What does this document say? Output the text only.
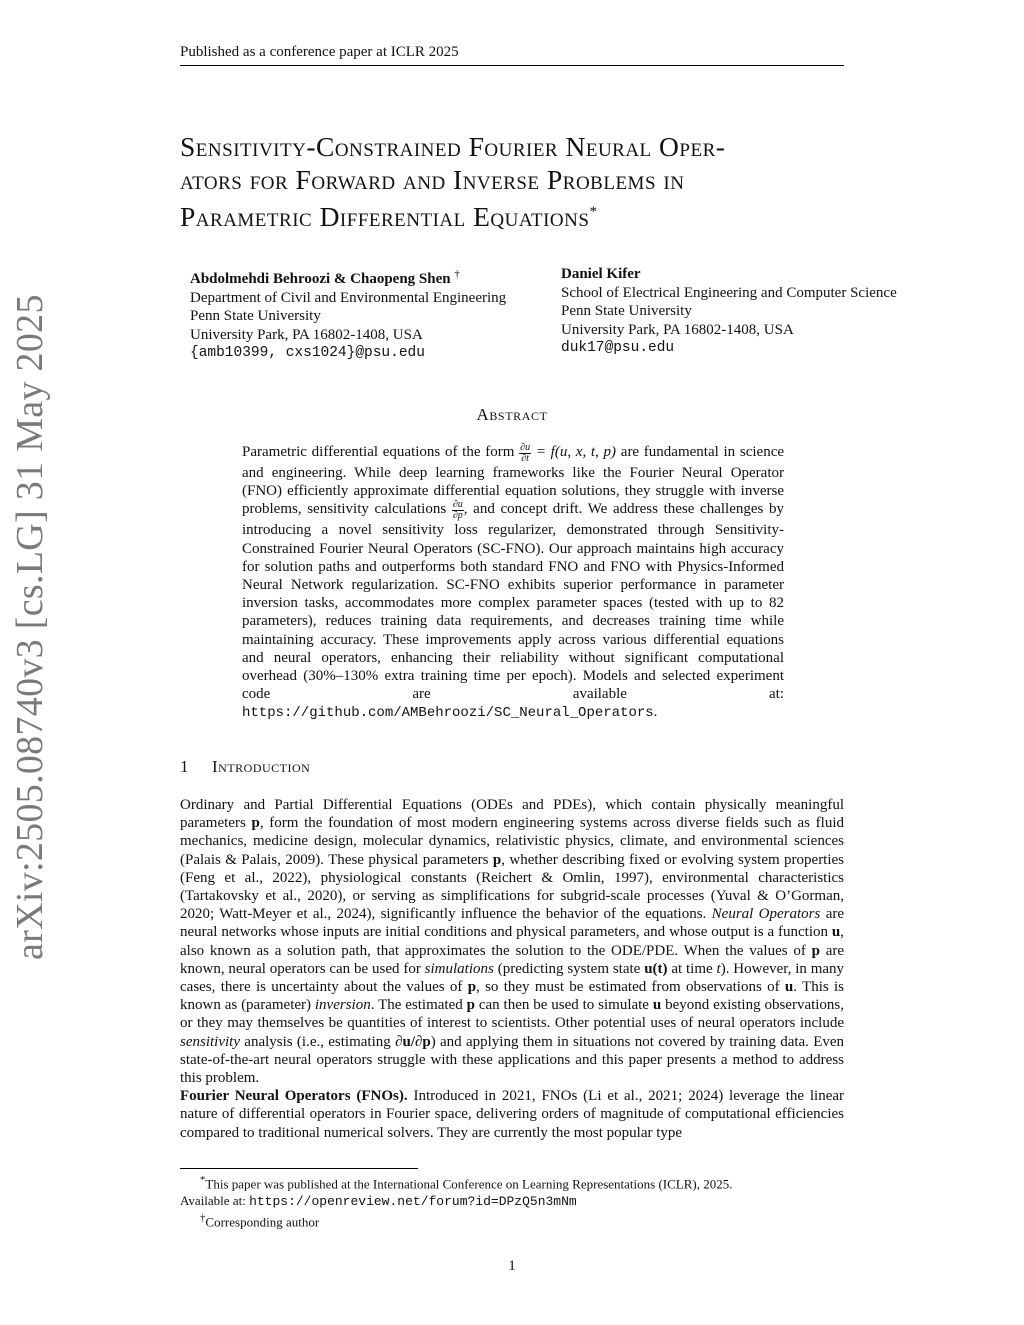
Published as a conference paper at ICLR 2025
arXiv:2505.08740v3 [cs.LG] 31 May 2025
Sensitivity-Constrained Fourier Neural Oper-
ators for Forward and Inverse Problems in
Parametric Differential Equations*
Abdolmehdi Behroozi & Chaopeng Shen †
Department of Civil and Environmental Engineering
Penn State University
University Park, PA 16802-1408, USA
{amb10399, cxs1024}@psu.edu
Daniel Kifer
School of Electrical Engineering and Computer Science
Penn State University
University Park, PA 16802-1408, USA
duk17@psu.edu
Abstract
Parametric differential equations of the form $\frac{\partial u}{\partial t} = f(u$, x, t, p) are fundamental in science and engineering. While deep learning frameworks like the Fourier Neural Operator (FNO) efficiently approximate differential equation solutions, they struggle with inverse problems, sensitivity calculations $\frac{\partial u}{\partial p}$ , and concept drift. We address these challenges by introducing a novel sensitivity loss regularizer, demonstrated through Sensitivity-Constrained Fourier Neural Operators (SC-FNO). Our approach maintains high accuracy for solution paths and outperforms both standard FNO and FNO with Physics-Informed Neural Network regularization. SC-FNO exhibits superior performance in parameter inversion tasks, accommodates more complex parameter spaces (tested with up to 82 parameters), reduces training data requirements, and decreases training time while maintaining accuracy. These improvements apply across various differential equations and neural operators, enhancing their reliability without significant computational overhead (30%–130% extra training time per epoch). Models and selected experiment code are available at: https://github.com/AMBehroozi/SC_Neural_Operators.
1 Introduction

Ordinary and Partial Differential Equations (ODEs and PDEs), which contain physically meaningful parameters p, form the foundation of most modern engineering systems across diverse fields such as fluid mechanics, medicine design, molecular dynamics, relativistic physics, climate, and environmental sciences (Palais & Palais, 2009). These physical parameters p, whether describing fixed or evolving system properties (Feng et al., 2022), physiological constants (Reichert & Omlin, 1997), environmental characteristics (Tartakovsky et al., 2020), or serving as simplifications for subgrid-scale processes (Yuval & O’Gorman, 2020; Watt-Meyer et al., 2024), significantly influence the behavior of the equations. Neural Operators are neural networks whose inputs are initial conditions and physical parameters, and whose output is a function u, also known as a solution path, that approximates the solution to the ODE/PDE. When the values of p are known, neural operators can be used for simulations (predicting system state u(t) at time t). However, in many cases, there is uncertainty about the values of p, so they must be estimated from observations of u. This is known as (parameter) inversion. The estimated p can then be used to simulate u beyond existing observations, or they may themselves be quantities of interest to scientists. Other potential uses of neural operators include sensitivity analysis (i.e., estimating ∂u/∂p) and applying them in situations not covered by training data. Even state-of-the-art neural operators struggle with these applications and this paper presents a method to address this problem.

Fourier Neural Operators (FNOs). Introduced in 2021, FNOs (Li et al., 2021; 2024) leverage the linear nature of differential operators in Fourier space, delivering orders of magnitude of computational efficiencies compared to traditional numerical solvers. They are currently the most popular type

*This paper was published at the International Conference on Learning Representations (ICLR), 2025.

Available at: https://openreview.net/forum?id=DPzQ5n3mNm

†Corresponding author

1
